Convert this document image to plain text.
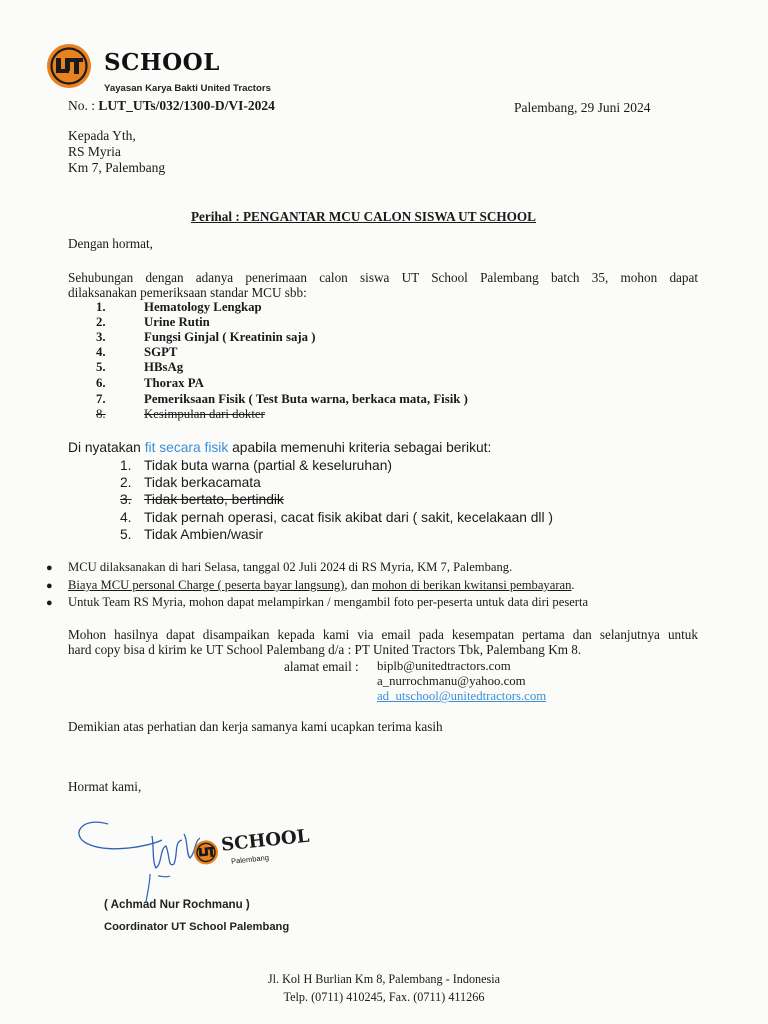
SCHOOL
Yayasan Karya Bakti United Tractors
No. : LUT_UTs/032/1300-D/VI-2024	Palembang, 29 Juni 2024
Kepada Yth,
RS Myria
Km 7, Palembang
Perihal : PENGANTAR MCU CALON SISWA UT SCHOOL
Dengan hormat,
Sehubungan dengan adanya penerimaan calon siswa UT School Palembang batch 35, mohon dapat
dilaksanakan pemeriksaan standar MCU sbb:
1.	Hematology Lengkap
2.	Urine Rutin
3.	Fungsi Ginjal ( Kreatinin saja )
4.	SGPT
5.	HBsAg
6.	Thorax PA
7.	Pemeriksaan Fisik ( Test Buta warna, berkaca mata, Fisik )
8.	Kesimpulan dari dokter
Di nyatakan fit secara fisik apabila memenuhi kriteria sebagai berikut:
1. Tidak buta warna (partial & keseluruhan)
2. Tidak berkacamata
3. Tidak bertato, bertindik
4. Tidak pernah operasi, cacat fisik akibat dari ( sakit, kecelakaan dll )
5. Tidak Ambien/wasir
● MCU dilaksanakan di hari Selasa, tanggal 02 Juli 2024 di RS Myria, KM 7, Palembang.
● Biaya MCU personal Charge ( peserta bayar langsung), dan mohon di berikan kwitansi pembayaran.
● Untuk Team RS Myria, mohon dapat melampirkan / mengambil foto per-peserta untuk data diri peserta
Mohon hasilnya dapat disampaikan kepada kami via email pada kesempatan pertama dan selanjutnya untuk
hard copy bisa d kirim ke UT School Palembang d/a : PT United Tractors Tbk, Palembang Km 8.
alamat email : biplb@unitedtractors.com
a_nurrochmanu@yahoo.com
ad_utschool@unitedtractors.com
Demikian atas perhatian dan kerja samanya kami ucapkan terima kasih
Hormat kami,
SCHOOL
Palembang
( Achmad Nur Rochmanu )
Coordinator UT School Palembang
Jl. Kol H Burlian Km 8, Palembang - Indonesia
Telp. (0711) 410245, Fax. (0711) 411266
